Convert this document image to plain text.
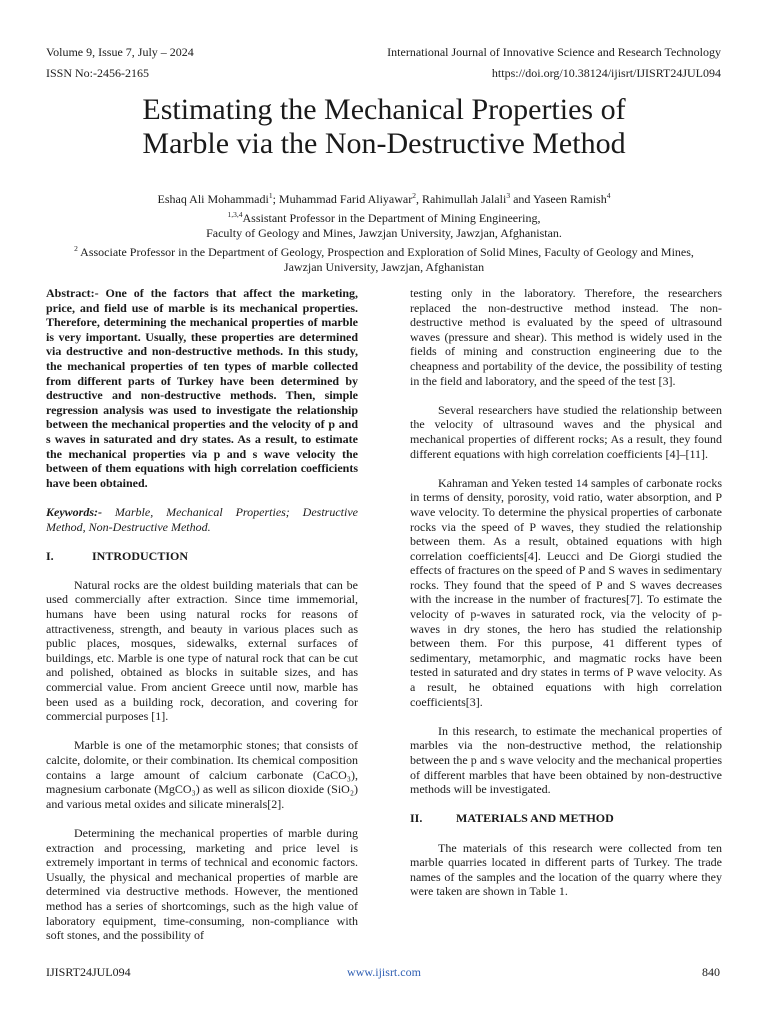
Volume 9, Issue 7, July – 2024	International Journal of Innovative Science and Research Technology
ISSN No:-2456-2165	https://doi.org/10.38124/ijisrt/IJISRT24JUL094
Estimating the Mechanical Properties of
Marble via the Non-Destructive Method
Eshaq Ali Mohammadi$^1$; Muhammad Farid Aliyawar$^2$, Rahimullah Jalali$^3$ and Yaseen Ramish$^4$
$^{1,3,4}$Assistant Professor in the Department of Mining Engineering,
Faculty of Geology and Mines, Jawzjan University, Jawzjan, Afghanistan.
$^2$ Associate Professor in the Department of Geology, Prospection and Exploration of Solid Mines, Faculty of Geology and Mines,
Jawzjan University, Jawzjan, Afghanistan

Abstract:- One of the factors that affect the marketing, price, and field use of marble is its mechanical properties. Therefore, determining the mechanical properties of marble is very important. Usually, these properties are determined via destructive and non-destructive methods. In this study, the mechanical properties of ten types of marble collected from different parts of Turkey have been determined by destructive and non-destructive methods. Then, simple regression analysis was used to investigate the relationship between the mechanical properties and the velocity of p and s waves in saturated and dry states. As a result, to estimate the mechanical properties via p and s wave velocity the between of them equations with high correlation coefficients have been obtained.

Keywords:- Marble, Mechanical Properties; Destructive Method, Non-Destructive Method.

I.	INTRODUCTION

Natural rocks are the oldest building materials that can be used commercially after extraction. Since time immemorial, humans have been using natural rocks for reasons of attractiveness, strength, and beauty in various places such as public places, mosques, sidewalks, external surfaces of buildings, etc. Marble is one type of natural rock that can be cut and polished, obtained as blocks in suitable sizes, and has commercial value. From ancient Greece until now, marble has been used as a building rock, decoration, and covering for commercial purposes [1].

Marble is one of the metamorphic stones; that consists of calcite, dolomite, or their combination. Its chemical composition contains a large amount of calcium carbonate (CaCO₃), magnesium carbonate (MgCO₃) as well as silicon dioxide (SiO₂) and various metal oxides and silicate minerals[2].

Determining the mechanical properties of marble during extraction and processing, marketing and price level is extremely important in terms of technical and economic factors. Usually, the physical and mechanical properties of marble are determined via destructive methods. However, the mentioned method has a series of shortcomings, such as the high value of laboratory equipment, time-consuming, non-compliance with soft stones, and the possibility of

testing only in the laboratory. Therefore, the researchers replaced the non-destructive method instead. The non-destructive method is evaluated by the speed of ultrasound waves (pressure and shear). This method is widely used in the fields of mining and construction engineering due to the cheapness and portability of the device, the possibility of testing in the field and laboratory, and the speed of the test [3].

Several researchers have studied the relationship between the velocity of ultrasound waves and the physical and mechanical properties of different rocks; As a result, they found different equations with high correlation coefficients [4]–[11].

Kahraman and Yeken tested 14 samples of carbonate rocks in terms of density, porosity, void ratio, water absorption, and P wave velocity. To determine the physical properties of carbonate rocks via the speed of P waves, they studied the relationship between them. As a result, obtained equations with high correlation coefficients[4]. Leucci and De Giorgi studied the effects of fractures on the speed of P and S waves in sedimentary rocks. They found that the speed of P and S waves decreases with the increase in the number of fractures[7]. To estimate the velocity of p-waves in saturated rock, via the velocity of p-waves in dry stones, the hero has studied the relationship between them. For this purpose, 41 different types of sedimentary, metamorphic, and magmatic rocks have been tested in saturated and dry states in terms of P wave velocity. As a result, he obtained equations with high correlation coefficients[3].

In this research, to estimate the mechanical properties of marbles via the non-destructive method, the relationship between the p and s wave velocity and the mechanical properties of different marbles that have been obtained by non-destructive methods will be investigated.

II.	MATERIALS AND METHOD

The materials of this research were collected from ten marble quarries located in different parts of Turkey. The trade names of the samples and the location of the quarry where they were taken are shown in Table 1.

IJISRT24JUL094	www.ijisrt.com	840
